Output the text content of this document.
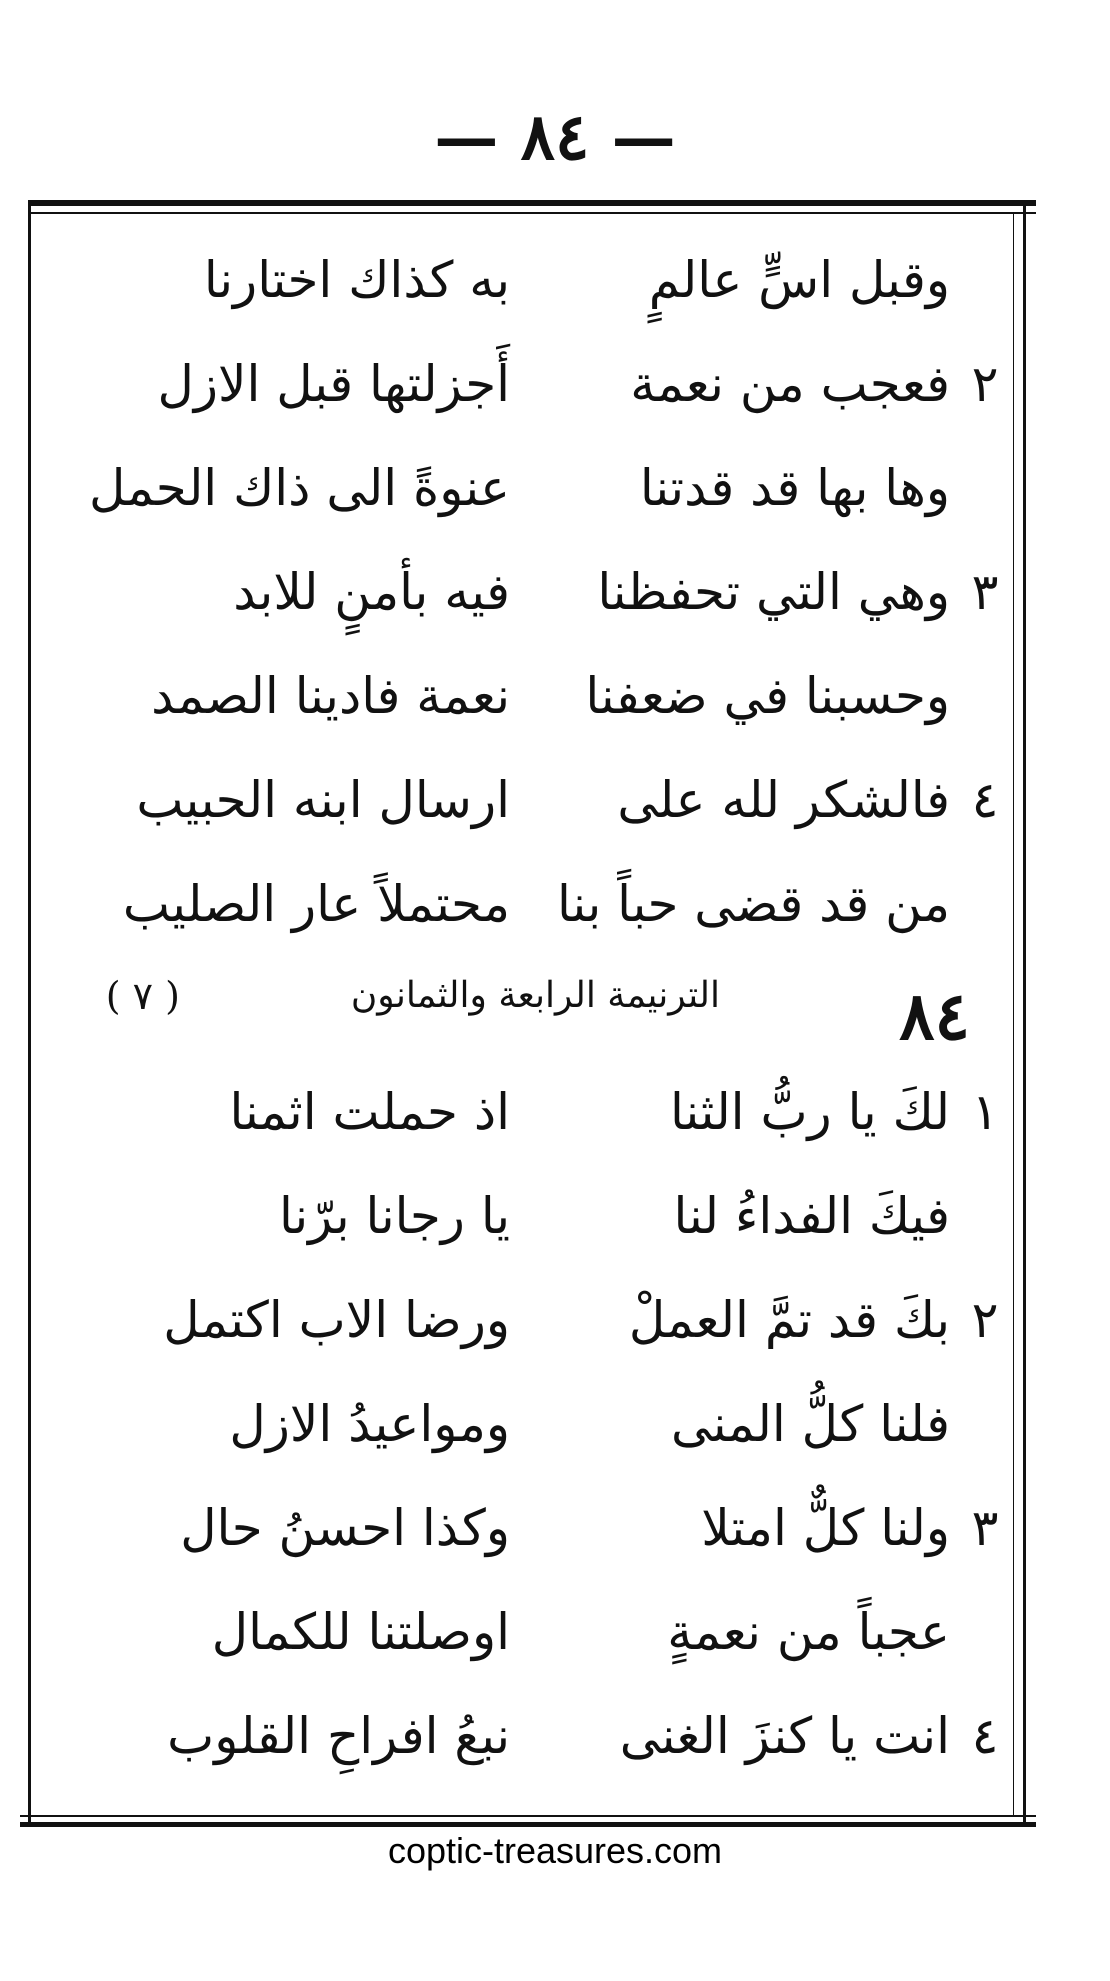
— ٨٤ —
وقبل اسٍّ عالمٍ
به كذاك اختارنا
٢
فعجب من نعمة
أَجزلتها قبل الازل
وها بها قد قدتنا
عنوةً الى ذاك الحمل
٣
وهي التي تحفظنا
فيه بأمنٍ للابد
وحسبنا في ضعفنا
نعمة فادينا الصمد
٤
فالشكر لله على
ارسال ابنه الحبيب
من قد قضى حباً بنا
محتملاً عار الصليب
٨٤
الترنيمة الرابعة والثمانون
( ٧ )
١
لكَ يا ربُّ الثنا
اذ حملت اثمنا
فيكَ الفداءُ لنا
يا رجانا برّنا
٢
بكَ قد تمَّ العملْ
ورضا الاب اكتمل
فلنا كلُّ المنى
ومواعيدُ الازل
٣
ولنا كلٌّ امتلا
وكذا احسنُ حال
عجباً من نعمةٍ
اوصلتنا للكمال
٤
انت يا كنزَ الغنى
نبعُ افراحِ القلوب
coptic-treasures.com
